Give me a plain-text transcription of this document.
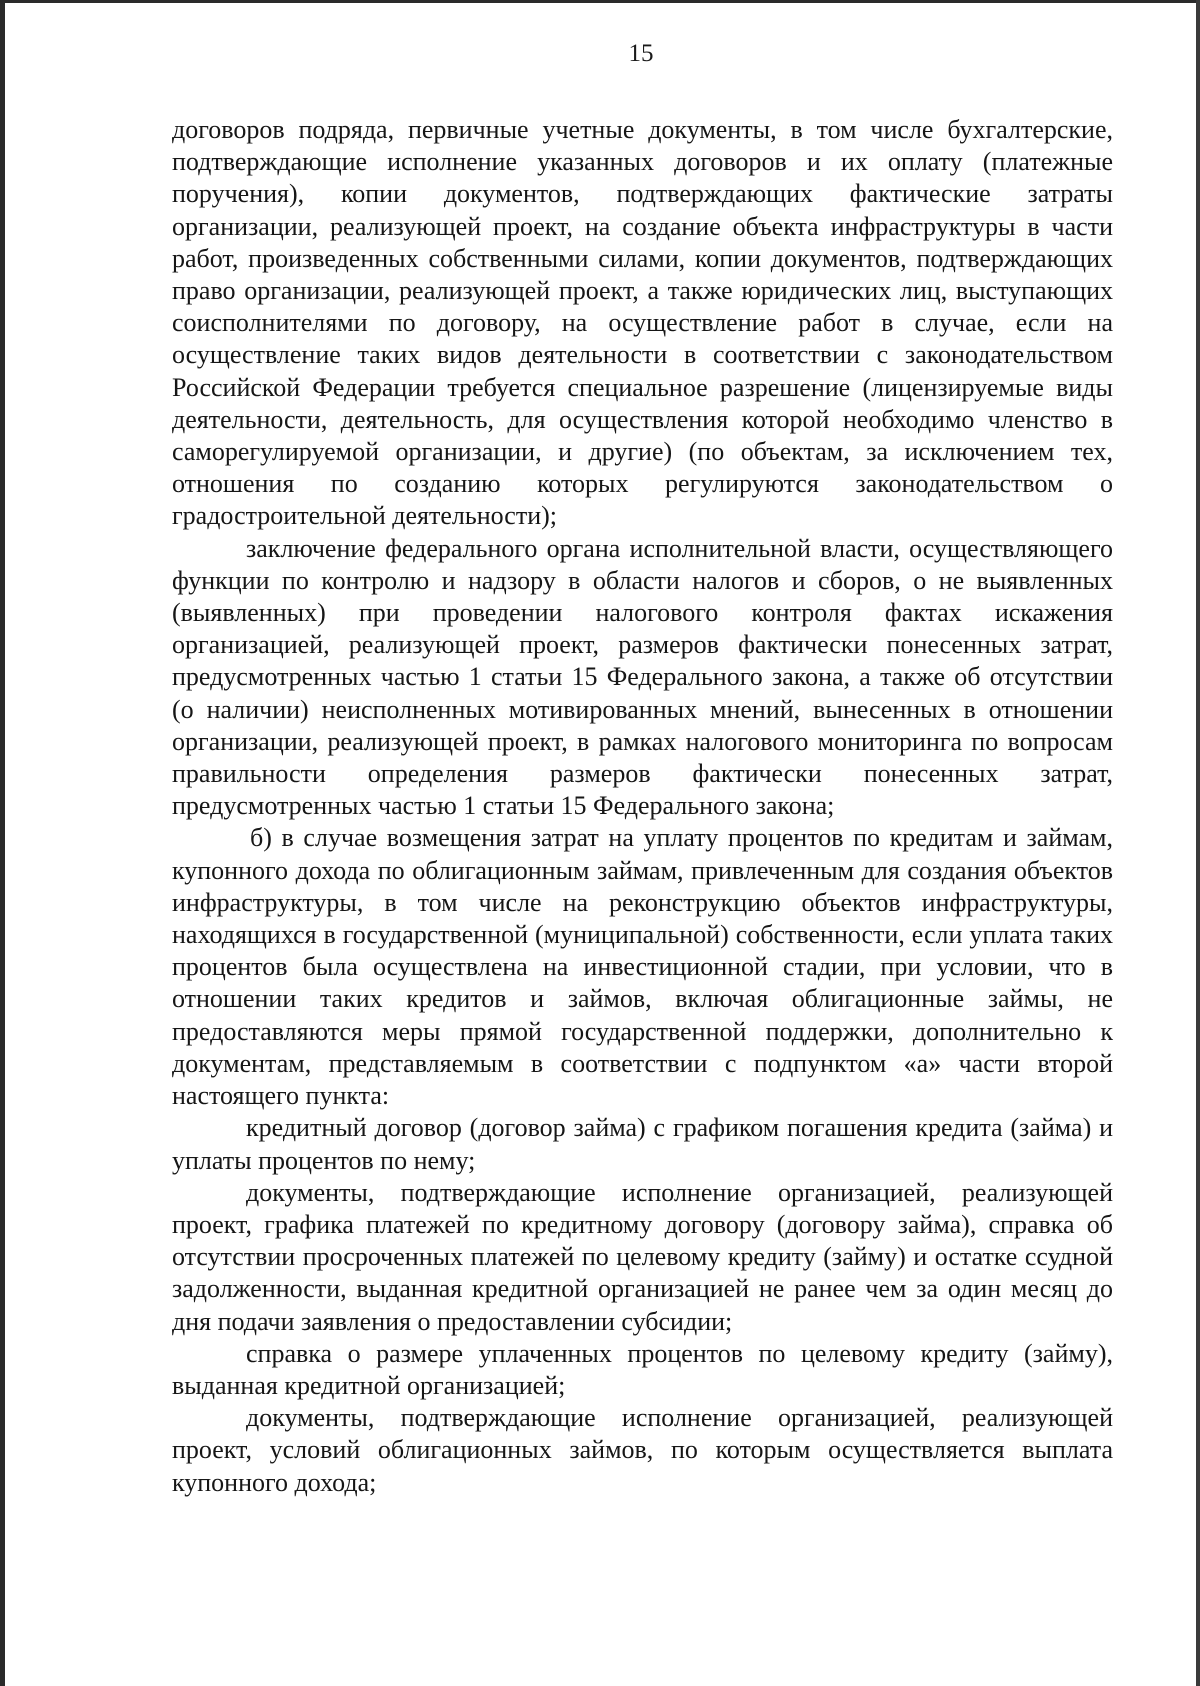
15

договоров подряда, первичные учетные документы, в том числе бухгалтерские, подтверждающие исполнение указанных договоров и их оплату (платежные поручения), копии документов, подтверждающих фактические затраты организации, реализующей проект, на создание объекта инфраструктуры в части работ, произведенных собственными силами, копии документов, подтверждающих право организации, реализующей проект, а также юридических лиц, выступающих соисполнителями по договору, на осуществление работ в случае, если на осуществление таких видов деятельности в соответствии с законодательством Российской Федерации требуется специальное разрешение (лицензируемые виды деятельности, деятельность, для осуществления которой необходимо членство в саморегулируемой организации, и другие) (по объектам, за исключением тех, отношения по созданию которых регулируются законодательством о градостроительной деятельности);

заключение федерального органа исполнительной власти, осуществляющего функции по контролю и надзору в области налогов и сборов, о не выявленных (выявленных) при проведении налогового контроля фактах искажения организацией, реализующей проект, размеров фактически понесенных затрат, предусмотренных частью 1 статьи 15 Федерального закона, а также об отсутствии (о наличии) неисполненных мотивированных мнений, вынесенных в отношении организации, реализующей проект, в рамках налогового мониторинга по вопросам правильности определения размеров фактически понесенных затрат, предусмотренных частью 1 статьи 15 Федерального закона;

б) в случае возмещения затрат на уплату процентов по кредитам и займам, купонного дохода по облигационным займам, привлеченным для создания объектов инфраструктуры, в том числе на реконструкцию объектов инфраструктуры, находящихся в государственной (муниципальной) собственности, если уплата таких процентов была осуществлена на инвестиционной стадии, при условии, что в отношении таких кредитов и займов, включая облигационные займы, не предоставляются меры прямой государственной поддержки, дополнительно к документам, представляемым в соответствии с подпунктом «а» части второй настоящего пункта:

кредитный договор (договор займа) с графиком погашения кредита (займа) и уплаты процентов по нему;

документы, подтверждающие исполнение организацией, реализующей проект, графика платежей по кредитному договору (договору займа), справка об отсутствии просроченных платежей по целевому кредиту (займу) и остатке ссудной задолженности, выданная кредитной организацией не ранее чем за один месяц до дня подачи заявления о предоставлении субсидии;

справка о размере уплаченных процентов по целевому кредиту (займу), выданная кредитной организацией;

документы, подтверждающие исполнение организацией, реализующей проект, условий облигационных займов, по которым осуществляется выплата купонного дохода;
